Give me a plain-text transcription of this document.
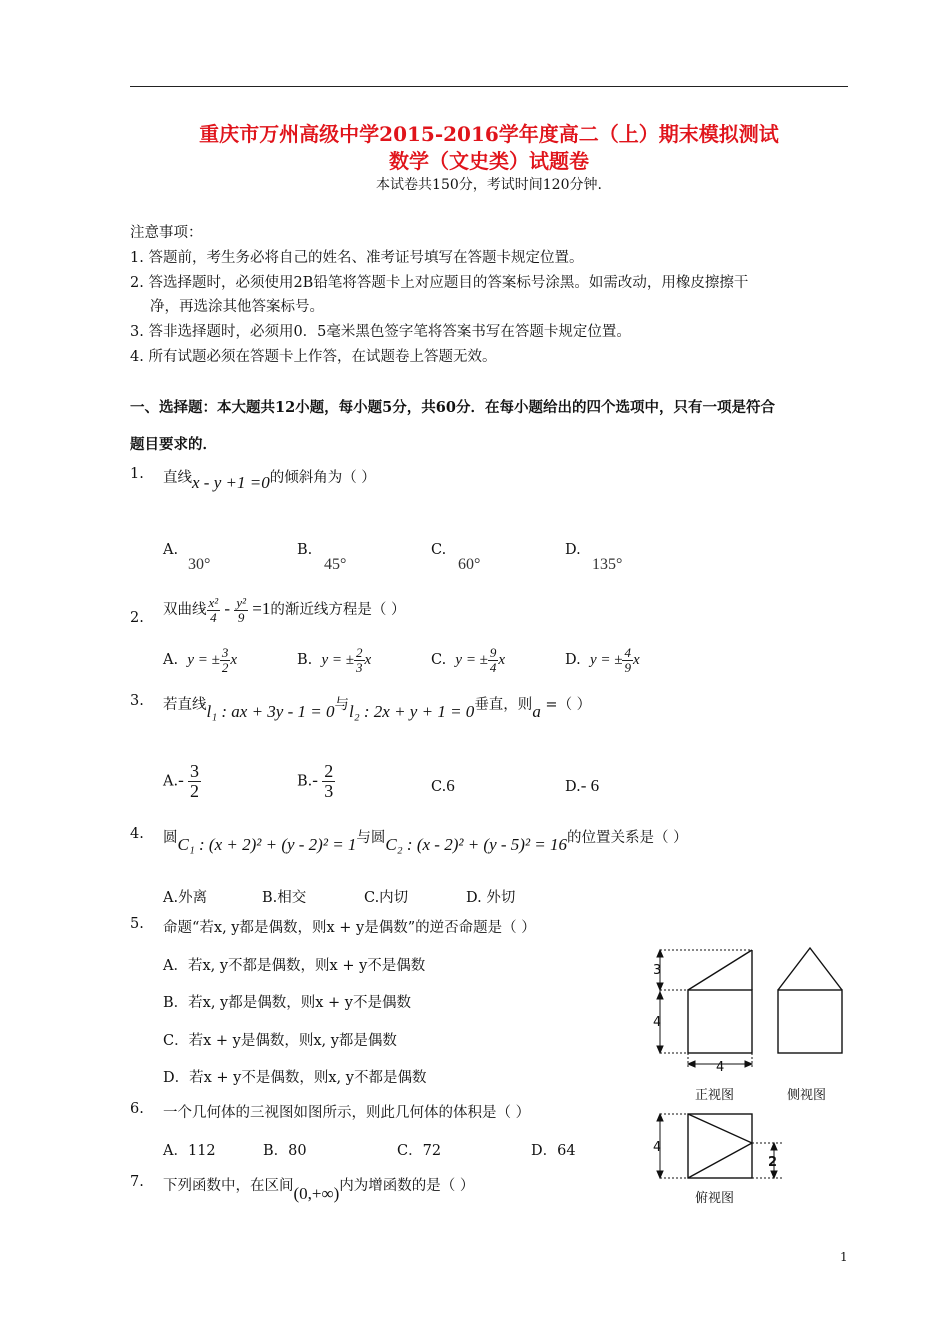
重庆市万州高级中学2015-2016学年度高二（上）期末模拟测试
数学（文史类）试题卷
本试卷共150分，考试时间120分钟.
注意事项：
1. 答题前，考生务必将自己的姓名、准考证号填写在答题卡规定位置。
2. 答选择题时，必须使用2B铅笔将答题卡上对应题目的答案标号涂黑。如需改动，用橡皮擦擦干
净，再选涂其他答案标号。
3. 答非选择题时，必须用0．5毫米黑色签字笔将答案书写在答题卡规定位置。
4. 所有试题必须在答题卡上作答，在试题卷上答题无效。
一、选择题：本大题共12小题，每小题5分，共60分．在每小题给出的四个选项中，只有一项是符合
题目要求的．
1. 直线x - y +1 =0的倾斜角为（ ）
A.
30°
B.
45°
C.
60°
D.
135°
2. 双曲线 $\frac{\text{x²}}{4} - \frac{\text{y²}}{9} =1$的渐近线方程是（ ）
A. y = ± $\frac{3}{2}$ x	B. y = ± $\frac{2}{3}$ x	C. y = ± $\frac{9}{4}$ x	D. y = ± $\frac{4}{9}$ x
3. 若直线l₁ : ax + 3y - 1 = 0与l₂ : 2x + y + 1 = 0垂直，则a =（ ）
$A.- \frac{3}{2}$	$B.- \frac{2}{3}$	C.6	D.- 6
4. 圆C₁ : (x + 2)² + (y - 2)² = 1与圆C₂ : (x - 2)² + (y - 5)² = 16的位置关系是（ ）
A.外离	B.相交	C.内切	D. 外切
5. 命题“若x, y都是偶数，则x + y是偶数”的逆否命题是（ ）
A．若x, y不都是偶数，则x + y不是偶数
B．若x, y都是偶数，则x + y不是偶数
C．若x + y是偶数，则x, y都是偶数
D．若x + y不是偶数，则x, y不都是偶数
6. 一个几何体的三视图如图所示，则此几何体的体积是（ ）
A．112	B．80	C．72	D．64
7. 下列函数中，在区间(0,+∞)内为增函数的是（ ）
3
4
4
4
2
正视图	侧视图
俯视图
1
